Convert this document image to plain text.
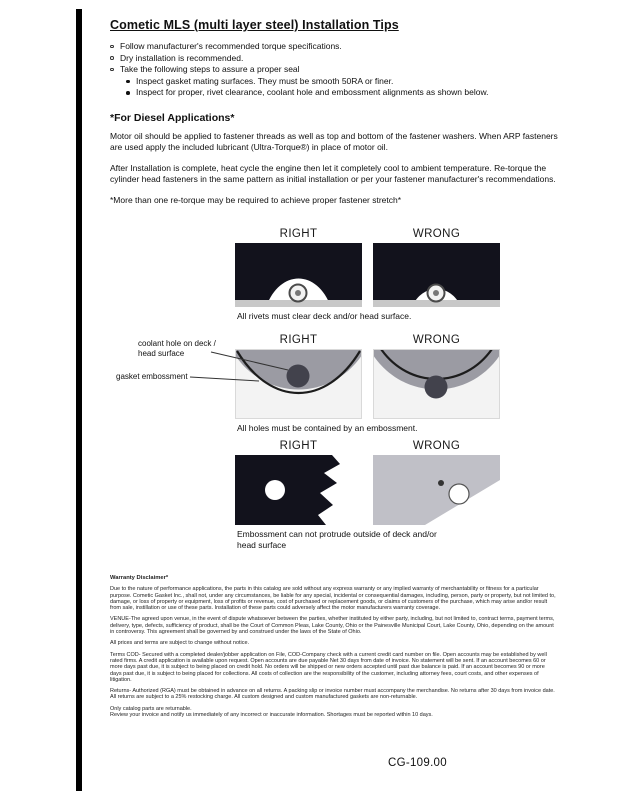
Cometic MLS (multi layer steel) Installation Tips
Follow manufacturer's recommended torque specifications.
Dry installation is recommended.
Take the following steps to assure a proper seal
Inspect gasket mating surfaces. They must be smooth 50RA or finer.
Inspect for proper, rivet clearance, coolant hole and embossment alignments as shown below.
*For Diesel Applications*
Motor oil should be applied to fastener threads as well as top and bottom of the fastener washers. When ARP fasteners are used apply the included lubricant (Ultra-Torque®) in place of motor oil.
After Installation is complete, heat cycle the engine then let it completely cool to ambient temperature. Re-torque the cylinder head fasteners in the same pattern as initial installation or per your fastener manufacturer's recommendations.
*More than one re-torque may be required to achieve proper fastener stretch*
RIGHT	WRONG
All rivets must clear deck and/or head surface.
coolant hole on deck / head surface
gasket embossment
RIGHT	WRONG
All holes must be contained by an embossment.
RIGHT	WRONG
Embossment can not protrude outside of deck and/or head surface
Warranty Disclaimer*
Due to the nature of performance applications, the parts in this catalog are sold without any express warranty or any implied warranty of merchantability or fitness for a particular purpose. Cometic Gasket Inc., shall not, under any circumstances, be liable for any special, incidental or consequential damages, including, person, party or property, but not limited to, damage, or loss of property or equipment, loss of profits or revenue, cost of purchased or replacement goods, or claims of customers of the purchase, which may arise and/or result from sale, instillation or use of these parts. Installation of these parts could adversely affect the motor manufacturers warranty coverage.
VENUE-The agreed upon venue, in the event of dispute whatsoever between the parties, whether instituted by either party, including, but not limited to, contract terms, payment terms, delivery, type, defects, sufficiency of product, shall be the Court of Common Pleas, Lake County, Ohio or the Painesville Municipal Court, Lake County, Ohio, depending on the amount in controversy. This agreement shall be governed by and construed under the laws of the State of Ohio.
All prices and terms are subject to change without notice.
Terms COD- Secured with a completed dealer/jobber application on File, COD-Company check with a current credit card number on file. Open accounts may be established by well rated firms. A credit application is available upon request. Open accounts are due payable Net 30 days from date of invoice. No statement will be sent. If an account becomes 60 or more days past due, it is subject to being placed on credit hold. No orders will be shipped or new orders accepted until past due balance is paid. If an account becomes 90 or more days past due, it is subject to being placed for collections. All costs of collection are the responsibility of the customer, including attorney fees, court costs, and other expenses of litigation.
Returns- Authorized (RGA) must be obtained in advance on all returns. A packing slip or invoice number must accompany the merchandise. No returns after 30 days from invoice date. All returns are subject to a 25% restocking charge. All custom designed and custom manufactured gaskets are non-returnable.
Only catalog parts are returnable.
Review your invoice and notify us immediately of any incorrect or inaccurate information. Shortages must be reported within 10 days.
CG-109.00
